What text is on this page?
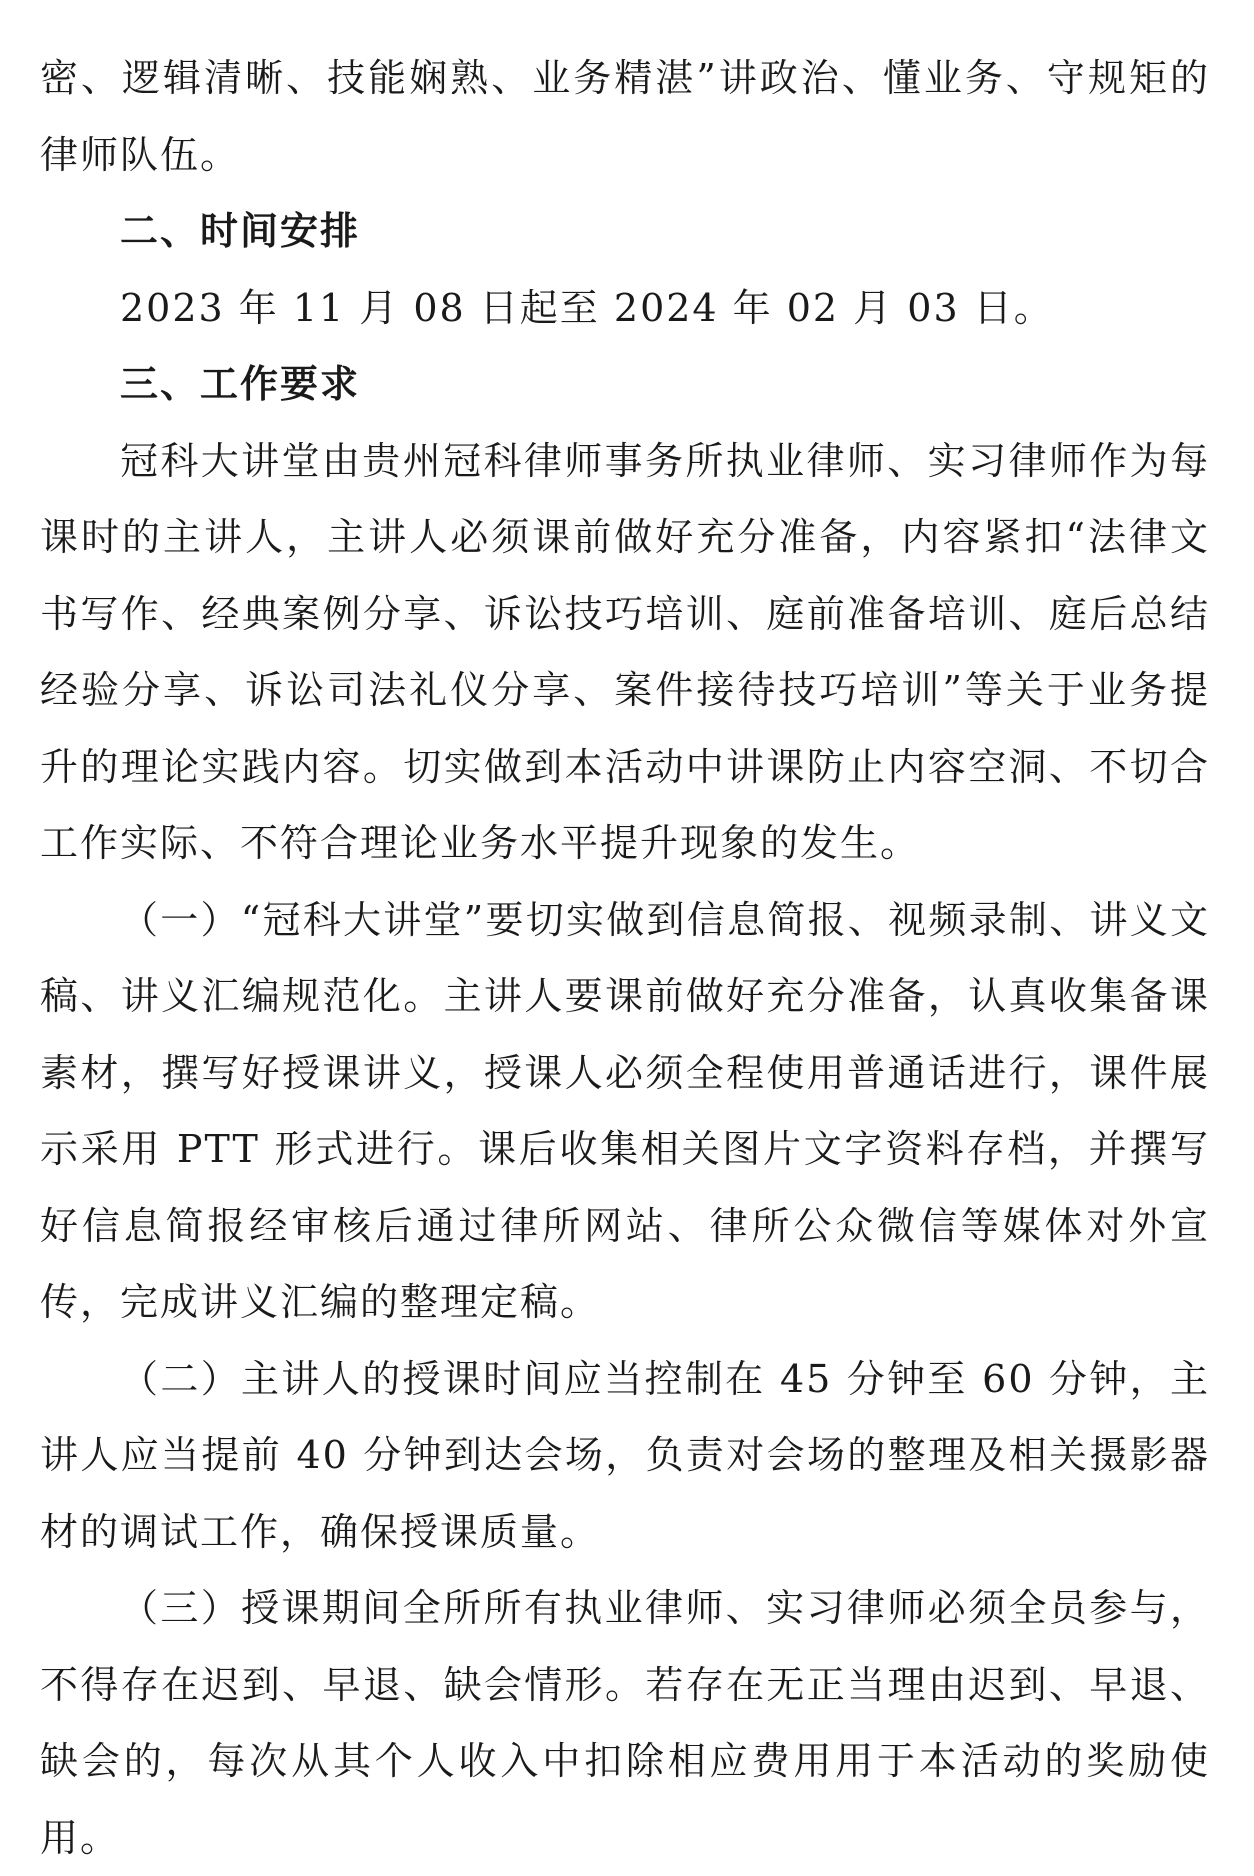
密、逻辑清晰、技能娴熟、业务精湛”讲政治、懂业务、守规矩的律师队伍。

二、时间安排

2023 年 11 月 08 日起至 2024 年 02 月 03 日。

三、工作要求

冠科大讲堂由贵州冠科律师事务所执业律师、实习律师作为每课时的主讲人，主讲人必须课前做好充分准备，内容紧扣“法律文书写作、经典案例分享、诉讼技巧培训、庭前准备培训、庭后总结经验分享、诉讼司法礼仪分享、案件接待技巧培训”等关于业务提升的理论实践内容。切实做到本活动中讲课防止内容空洞、不切合工作实际、不符合理论业务水平提升现象的发生。

（一）“冠科大讲堂”要切实做到信息简报、视频录制、讲义文稿、讲义汇编规范化。主讲人要课前做好充分准备，认真收集备课素材，撰写好授课讲义，授课人必须全程使用普通话进行，课件展示采用 PTT 形式进行。课后收集相关图片文字资料存档，并撰写好信息简报经审核后通过律所网站、律所公众微信等媒体对外宣传，完成讲义汇编的整理定稿。

（二）主讲人的授课时间应当控制在 45 分钟至 60 分钟，主讲人应当提前 40 分钟到达会场，负责对会场的整理及相关摄影器材的调试工作，确保授课质量。

（三）授课期间全所所有执业律师、实习律师必须全员参与，不得存在迟到、早退、缺会情形。若存在无正当理由迟到、早退、缺会的，每次从其个人收入中扣除相应费用用于本活动的奖励使用。
